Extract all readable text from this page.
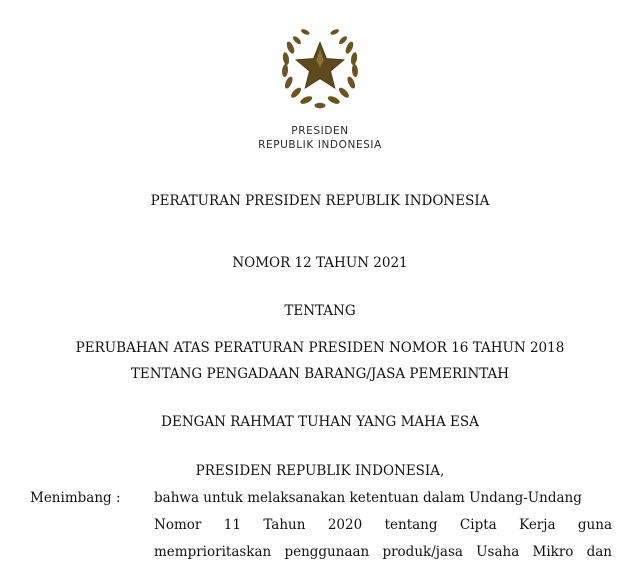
PRESIDEN
REPUBLIK INDONESIA
PERATURAN PRESIDEN REPUBLIK INDONESIA
NOMOR 12 TAHUN 2021
TENTANG
PERUBAHAN ATAS PERATURAN PRESIDEN NOMOR 16 TAHUN 2018
TENTANG PENGADAAN BARANG/JASA PEMERINTAH
DENGAN RAHMAT TUHAN YANG MAHA ESA
PRESIDEN REPUBLIK INDONESIA,
Menimbang : bahwa untuk melaksanakan ketentuan dalam Undang-Undang
Nomor 11 Tahun 2020 tentang Cipta Kerja guna
memprioritaskan penggunaan produk/jasa Usaha Mikro dan
